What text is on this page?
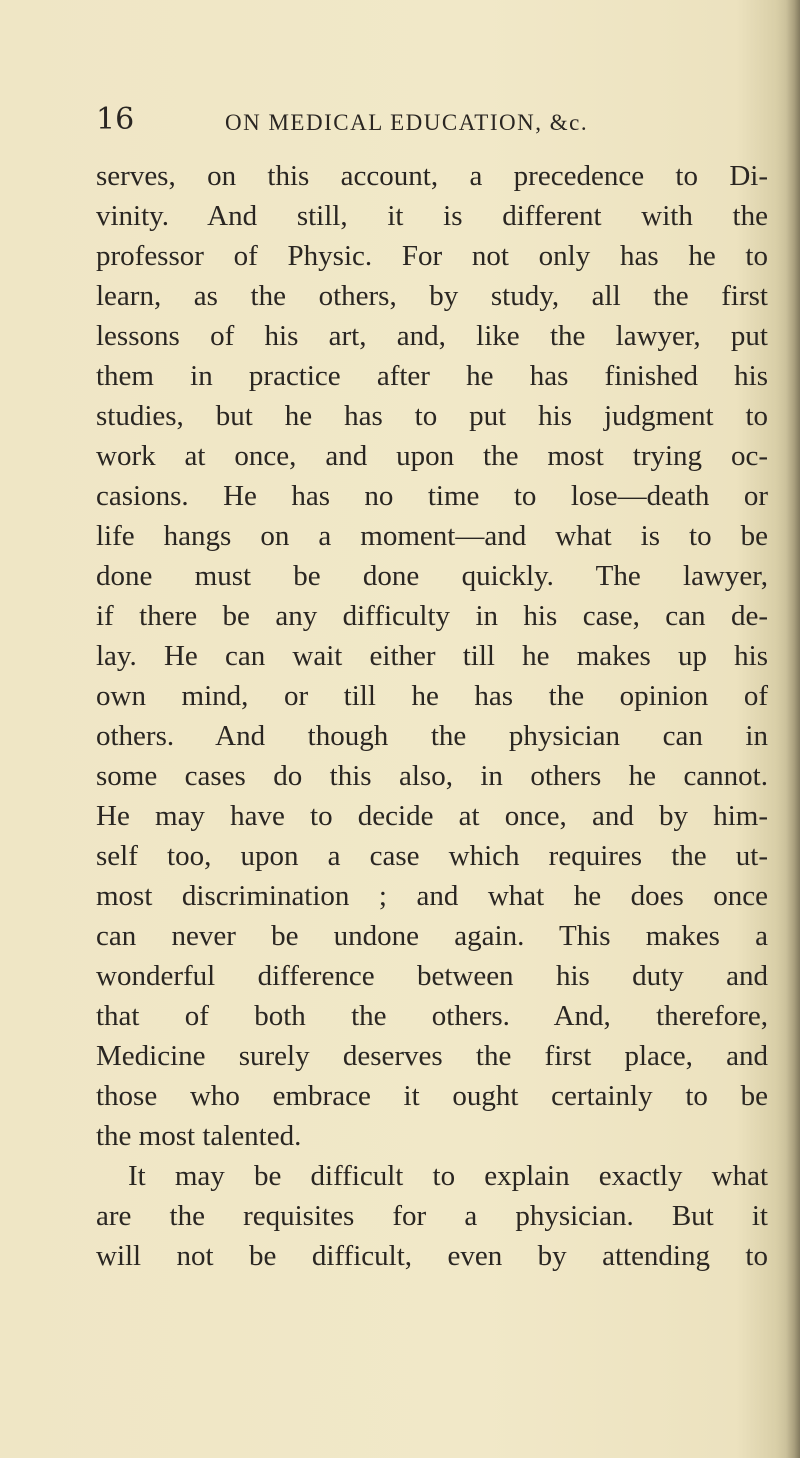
16	ON MEDICAL EDUCATION, &c.
serves, on this account, a precedence to Di-
vinity. And still, it is different with the
professor of Physic. For not only has he to
learn, as the others, by study, all the first
lessons of his art, and, like the lawyer, put
them in practice after he has finished his
studies, but he has to put his judgment to
work at once, and upon the most trying oc-
casions. He has no time to lose—death or
life hangs on a moment—and what is to be
done must be done quickly. The lawyer,
if there be any difficulty in his case, can de-
lay. He can wait either till he makes up his
own mind, or till he has the opinion of
others. And though the physician can in
some cases do this also, in others he cannot.
He may have to decide at once, and by him-
self too, upon a case which requires the ut-
most discrimination ; and what he does once
can never be undone again. This makes a
wonderful difference between his duty and
that of both the others. And, therefore,
Medicine surely deserves the first place, and
those who embrace it ought certainly to be
the most talented.
It may be difficult to explain exactly what
are the requisites for a physician. But it
will not be difficult, even by attending to
